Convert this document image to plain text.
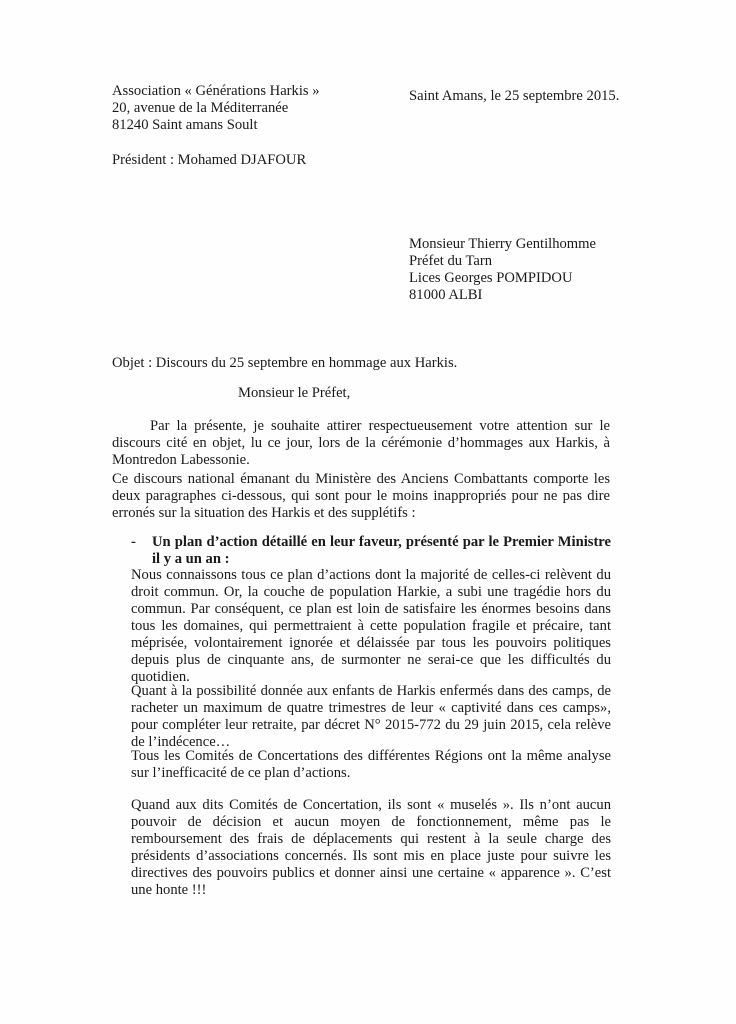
Association « Générations Harkis »
20, avenue de la Méditerranée
81240 Saint amans Soult
Saint Amans, le 25 septembre 2015.
Président : Mohamed DJAFOUR
Monsieur Thierry Gentilhomme
Préfet du Tarn
Lices Georges POMPIDOU
81000 ALBI
Objet : Discours du 25 septembre en hommage aux Harkis.
Monsieur le Préfet,
Par la présente, je souhaite attirer respectueusement votre attention sur le discours cité en objet, lu ce jour, lors de la cérémonie d’hommages aux Harkis, à Montredon Labessonie.
Ce discours national émanant du Ministère des Anciens Combattants comporte les deux paragraphes ci-dessous, qui sont pour le moins inappropriés pour ne pas dire erronés sur la situation des Harkis et des supplétifs :
-	Un plan d’action détaillé en leur faveur, présenté par le Premier Ministre il y a un an :
Nous connaissons tous ce plan d’actions dont la majorité de celles-ci relèvent du droit commun. Or, la couche de population Harkie, a subi une tragédie hors du commun. Par conséquent, ce plan est loin de satisfaire les énormes besoins dans tous les domaines, qui permettraient à cette population fragile et précaire, tant méprisée, volontairement ignorée et délaissée par tous les pouvoirs politiques depuis plus de cinquante ans, de surmonter ne serai-ce que les difficultés du quotidien.
Quant à la possibilité donnée aux enfants de Harkis enfermés dans des camps, de racheter un maximum de quatre trimestres de leur « captivité dans ces camps», pour compléter leur retraite, par décret N° 2015-772 du 29 juin 2015, cela relève de l’indécence…
Tous les Comités de Concertations des différentes Régions ont la même analyse sur l’inefficacité de ce plan d’actions.
Quand aux dits Comités de Concertation, ils sont « muselés ». Ils n’ont aucun pouvoir de décision et aucun moyen de fonctionnement, même pas le remboursement des frais de déplacements qui restent à la seule charge des présidents d’associations concernés. Ils sont mis en place juste pour suivre les directives des pouvoirs publics et donner ainsi une certaine « apparence ». C’est une honte !!!
